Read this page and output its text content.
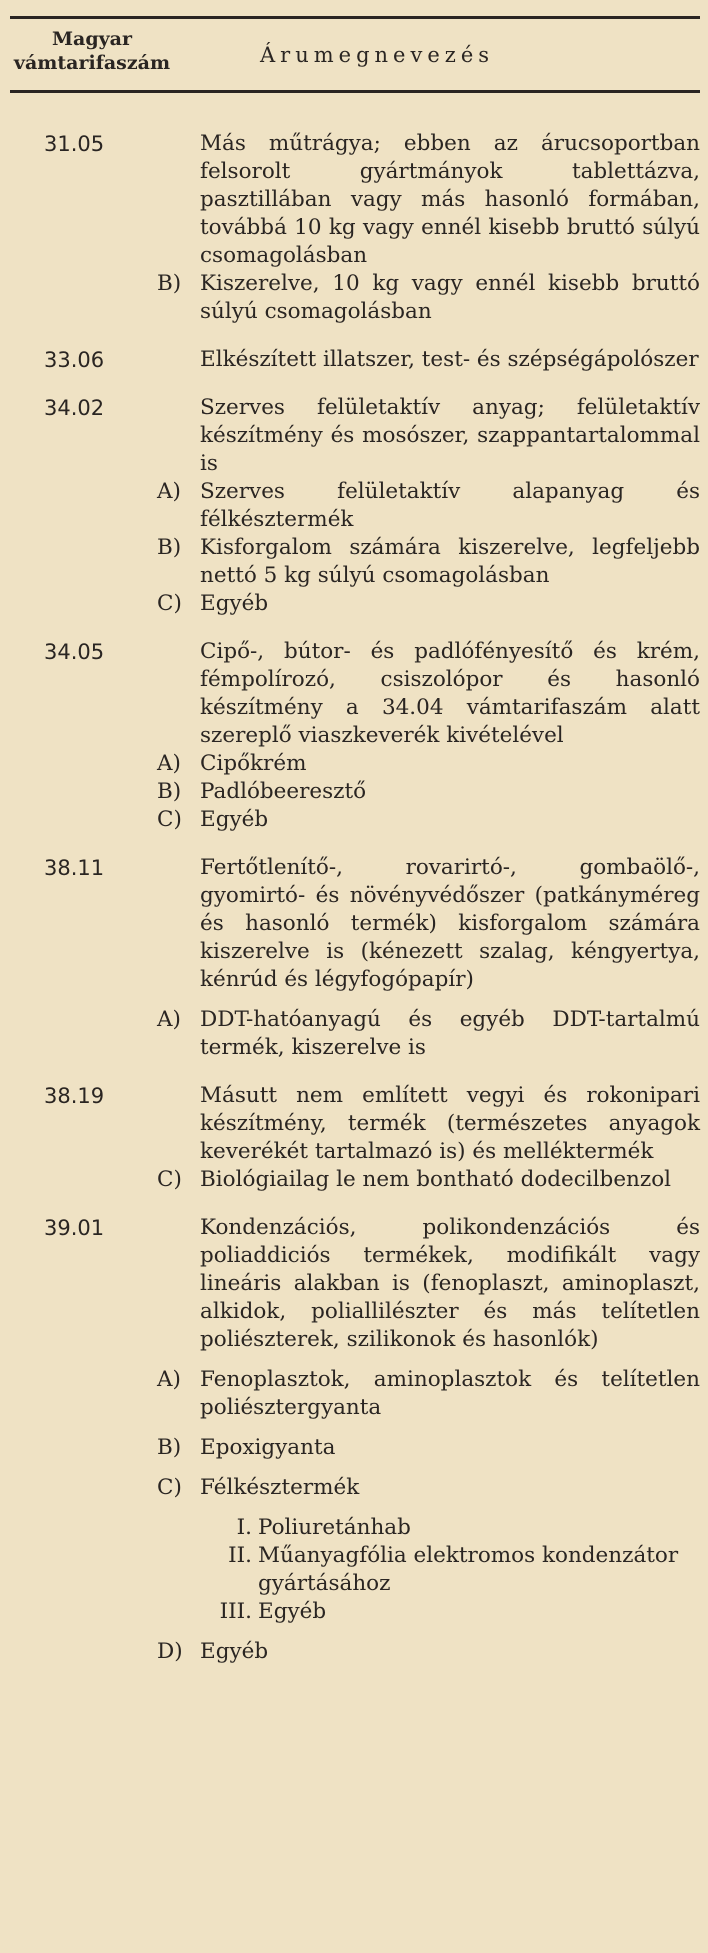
Magyar vámtarifaszám	Árumegnevezés
31.05	Más műtrágya; ebben az árucsoportban felsorolt gyártmányok tablettázva, pasztillában vagy más hasonló formában, továbbá 10 kg vagy ennél kisebb bruttó súlyú csomagolásban
B) Kiszerelve, 10 kg vagy ennél kisebb bruttó súlyú csomagolásban
33.06	Elkészített illatszer, test- és szépségápolószer
34.02	Szerves felületaktív anyag; felületaktív készítmény és mosószer, szappantartalommal is
A) Szerves felületaktív alapanyag és félkésztermék
B) Kisforgalom számára kiszerelve, legfeljebb nettó 5 kg súlyú csomagolásban
C) Egyéb
34.05	Cipő-, bútor- és padlófényesítő és krém, fémpolírozó, csiszolópor és hasonló készítmény a 34.04 vámtarifaszám alatt szereplő viaszkeverék kivételével
A) Cipőkrém
B) Padlóbeeresztő
C) Egyéb
38.11	Fertőtlenítő-, rovarirtó-, gombaölő-, gyomirtó- és növényvédőszer (patkányméreg és hasonló termék) kisforgalom számára kiszerelve is (kénezett szalag, kéngyertya, kénrúd és légyfogópapír)
A) DDT-hatóanyagú és egyéb DDT-tartalmú termék, kiszerelve is
38.19	Másutt nem említett vegyi és rokonipari készítmény, termék (természetes anyagok keverékét tartalmazó is) és melléktermék
C) Biológiailag le nem bontható dodecilbenzol
39.01	Kondenzációs, polikondenzációs és poliaddiciós termékek, modifikált vagy lineáris alakban is (fenoplaszt, aminoplaszt, alkidok, poliallilészter és más telítetlen poliészterek, szilikonok és hasonlók)
A) Fenoplasztok, aminoplasztok és telítetlen poliésztergyanta
B) Epoxigyanta
C) Félkésztermék
I. Poliuretánhab
II. Műanyagfólia elektromos kondenzátor gyártásához
III. Egyéb
D) Egyéb
